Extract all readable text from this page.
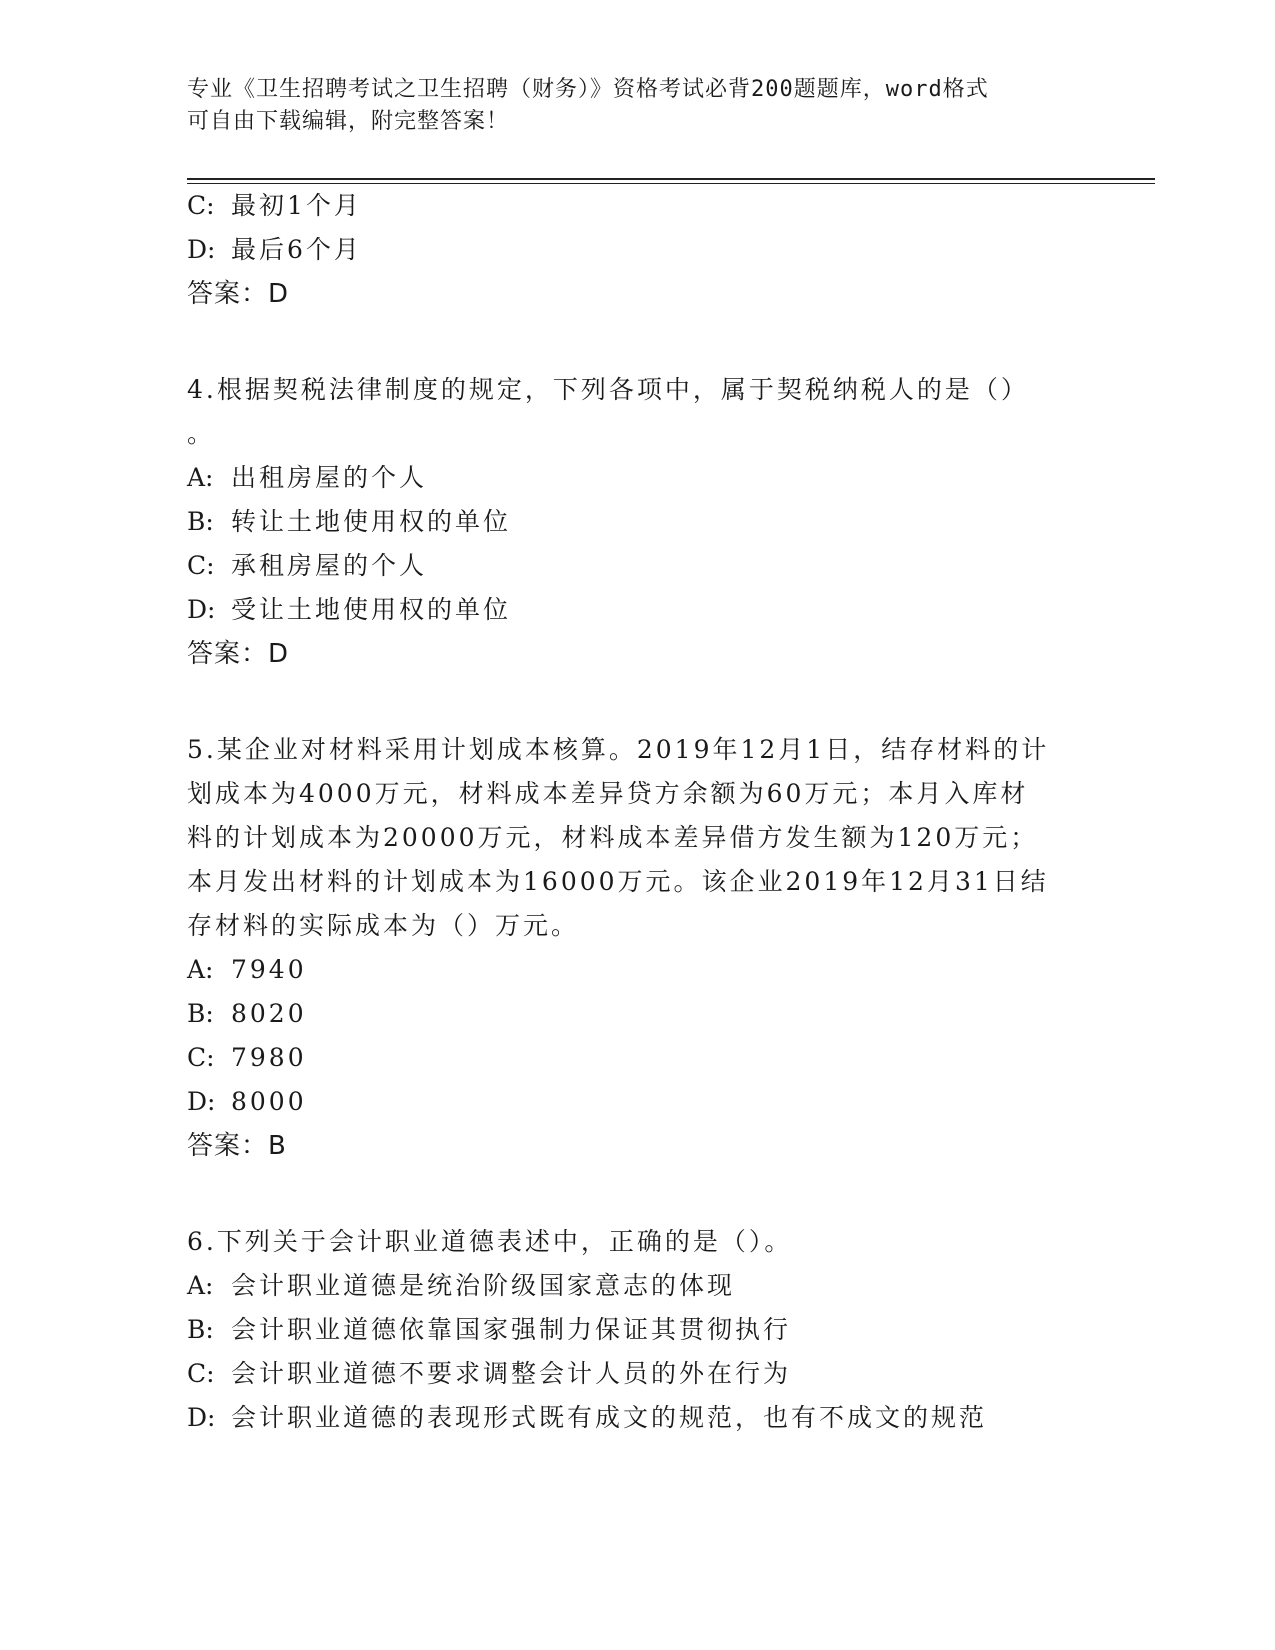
专业《卫生招聘考试之卫生招聘（财务）》资格考试必背200题题库，word格式
可自由下载编辑，附完整答案！
C: 最初1个月
D: 最后6个月
答案：D
4.根据契税法律制度的规定，下列各项中，属于契税纳税人的是（）
。
A: 出租房屋的个人
B: 转让土地使用权的单位
C: 承租房屋的个人
D: 受让土地使用权的单位
答案：D
5.某企业对材料采用计划成本核算。2019年12月1日，结存材料的计
划成本为4000万元，材料成本差异贷方余额为60万元；本月入库材
料的计划成本为20000万元，材料成本差异借方发生额为120万元；
本月发出材料的计划成本为16000万元。该企业2019年12月31日结
存材料的实际成本为（）万元。
A: 7940
B: 8020
C: 7980
D: 8000
答案：B
6.下列关于会计职业道德表述中，正确的是（）。
A: 会计职业道德是统治阶级国家意志的体现
B: 会计职业道德依靠国家强制力保证其贯彻执行
C: 会计职业道德不要求调整会计人员的外在行为
D: 会计职业道德的表现形式既有成文的规范，也有不成文的规范
